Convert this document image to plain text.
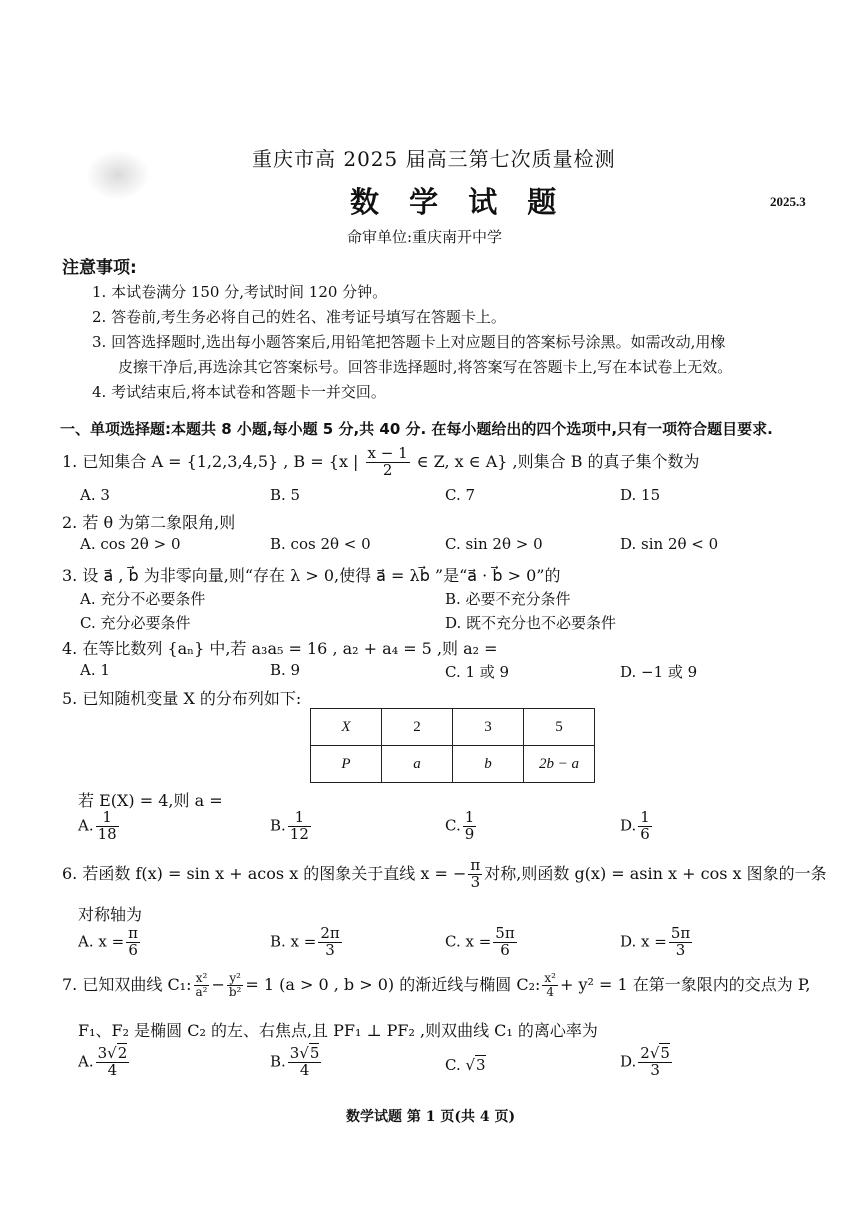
重庆市高 2025 届高三第七次质量检测
数 学 试 题	2025.3
命审单位:重庆南开中学
注意事项:
1. 本试卷满分 150 分,考试时间 120 分钟。
2. 答卷前,考生务必将自己的姓名、准考证号填写在答题卡上。
3. 回答选择题时,选出每小题答案后,用铅笔把答题卡上对应题目的答案标号涂黑。如需改动,用橡
皮擦干净后,再选涂其它答案标号。回答非选择题时,将答案写在答题卡上,写在本试卷上无效。
4. 考试结束后,将本试卷和答题卡一并交回。
一、单项选择题:本题共 8 小题,每小题 5 分,共 40 分. 在每小题给出的四个选项中,只有一项符合题目要求.
1. 已知集合 A = {1,2,3,4,5} , B = {x | $\frac{x - 1}{2}$ ∈ Z, x ∈ A} ,则集合 B 的真子集个数为
A. 3	B. 5	C. 7	D. 15
2. 若 θ 为第二象限角,则
A. cos 2θ > 0	B. cos 2θ < 0	C. sin 2θ > 0	D. sin 2θ < 0
3. 设 a⃗ , b⃗ 为非零向量,则“存在 λ > 0,使得 a⃗ = λb⃗ ”是“a⃗ · b⃗ > 0”的
A. 充分不必要条件	B. 必要不充分条件
C. 充分必要条件	D. 既不充分也不必要条件
4. 在等比数列 {aₙ} 中,若 a₃a₅ = 16 , a₂ + a₄ = 5 ,则 a₂ =
A. 1	B. 9	C. 1 或 9	D. −1 或 9
5. 已知随机变量 X 的分布列如下:
X	2	3	5
P	a	b	2b − a
若 E(X) = 4,则 a =
A. $\frac{1}{18}$	B. $\frac{1}{12}$	C. $\frac{1}{9}$	D. $\frac{1}{6}$
6. 若函数 f(x) = sin x + acos x 的图象关于直线 x = − $\frac{\pi}{3}$ 对称,则函数 g(x) = asin x + cos x 图象的一条
对称轴为
A. $x = \frac{\pi}{6}$	B. $x = \frac{2\pi}{3}$	C. $x = \frac{5\pi}{6}$	D. $x = \frac{5\pi}{3}$
7. 已知双曲线 C₁: $\frac{\text{x²}}{\text{a²}} - \frac{\text{y²}}{\text{b²}} = 1$ (a > 0 , b > 0) 的渐近线与椭圆 C₂: $\frac{\text{x²}}{4} + y^2 = 1$ 在第一象限内的交点为 P,
F₁、F₂ 是椭圆 C₂ 的左、右焦点,且 PF₁ ⊥ PF₂ ,则双曲线 C₁ 的离心率为
A. $\frac{3√2}{4}$	B. $\frac{3√5}{4}$	C. √3	D. $\frac{2√5}{3}$
数学试题 第 1 页(共 4 页)
